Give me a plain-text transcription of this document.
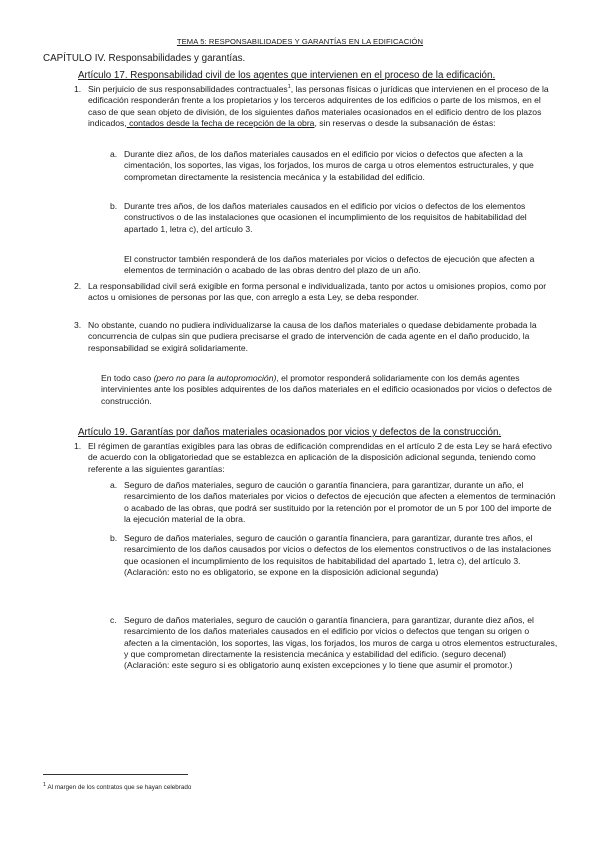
TEMA 5: RESPONSABILIDADES Y GARANTÍAS EN LA EDIFICACIÓN
CAPÍTULO IV. Responsabilidades y garantías.
Artículo 17. Responsabilidad civil de los agentes que intervienen en el proceso de la edificación.
1. Sin perjuicio de sus responsabilidades contractuales$^1$, las personas físicas o jurídicas que intervienen en el proceso de la edificación responderán frente a los propietarios y los terceros adquirentes de los edificios o parte de los mismos, en el caso de que sean objeto de división, de los siguientes daños materiales ocasionados en el edificio dentro de los plazos indicados, contados desde la fecha de recepción de la obra, sin reservas o desde la subsanación de éstas:
a. Durante diez años, de los daños materiales causados en el edificio por vicios o defectos que afecten a la cimentación, los soportes, las vigas, los forjados, los muros de carga u otros elementos estructurales, y que comprometan directamente la resistencia mecánica y la estabilidad del edificio.
b. Durante tres años, de los daños materiales causados en el edificio por vicios o defectos de los elementos constructivos o de las instalaciones que ocasionen el incumplimiento de los requisitos de habitabilidad del apartado 1, letra c), del artículo 3.
El constructor también responderá de los daños materiales por vicios o defectos de ejecución que afecten a elementos de terminación o acabado de las obras dentro del plazo de un año.
2. La responsabilidad civil será exigible en forma personal e individualizada, tanto por actos u omisiones propios, como por actos u omisiones de personas por las que, con arreglo a esta Ley, se deba responder.
3. No obstante, cuando no pudiera individualizarse la causa de los daños materiales o quedase debidamente probada la concurrencia de culpas sin que pudiera precisarse el grado de intervención de cada agente en el daño producido, la responsabilidad se exigirá solidariamente.
En todo caso (pero no para la autopromoción), el promotor responderá solidariamente con los demás agentes intervinientes ante los posibles adquirentes de los daños materiales en el edificio ocasionados por vicios o defectos de construcción.
Artículo 19. Garantías por daños materiales ocasionados por vicios y defectos de la construcción.
1. El régimen de garantías exigibles para las obras de edificación comprendidas en el artículo 2 de esta Ley se hará efectivo de acuerdo con la obligatoriedad que se establezca en aplicación de la disposición adicional segunda, teniendo como referente a las siguientes garantías:
a. Seguro de daños materiales, seguro de caución o garantía financiera, para garantizar, durante un año, el resarcimiento de los daños materiales por vicios o defectos de ejecución que afecten a elementos de terminación o acabado de las obras, que podrá ser sustituido por la retención por el promotor de un 5 por 100 del importe de la ejecución material de la obra.
b. Seguro de daños materiales, seguro de caución o garantía financiera, para garantizar, durante tres años, el resarcimiento de los daños causados por vicios o defectos de los elementos constructivos o de las instalaciones que ocasionen el incumplimiento de los requisitos de habitabilidad del apartado 1, letra c), del artículo 3.
(Aclaración: esto no es obligatorio, se expone en la disposición adicional segunda)
c. Seguro de daños materiales, seguro de caución o garantía financiera, para garantizar, durante diez años, el resarcimiento de los daños materiales causados en el edificio por vicios o defectos que tengan su origen o afecten a la cimentación, los soportes, las vigas, los forjados, los muros de carga u otros elementos estructurales, y que comprometan directamente la resistencia mecánica y estabilidad del edificio. (seguro decenal)
(Aclaración: este seguro si es obligatorio aunq existen excepciones y lo tiene que asumir el promotor.)
$^1$ Al margen de los contratos que se hayan celebrado
